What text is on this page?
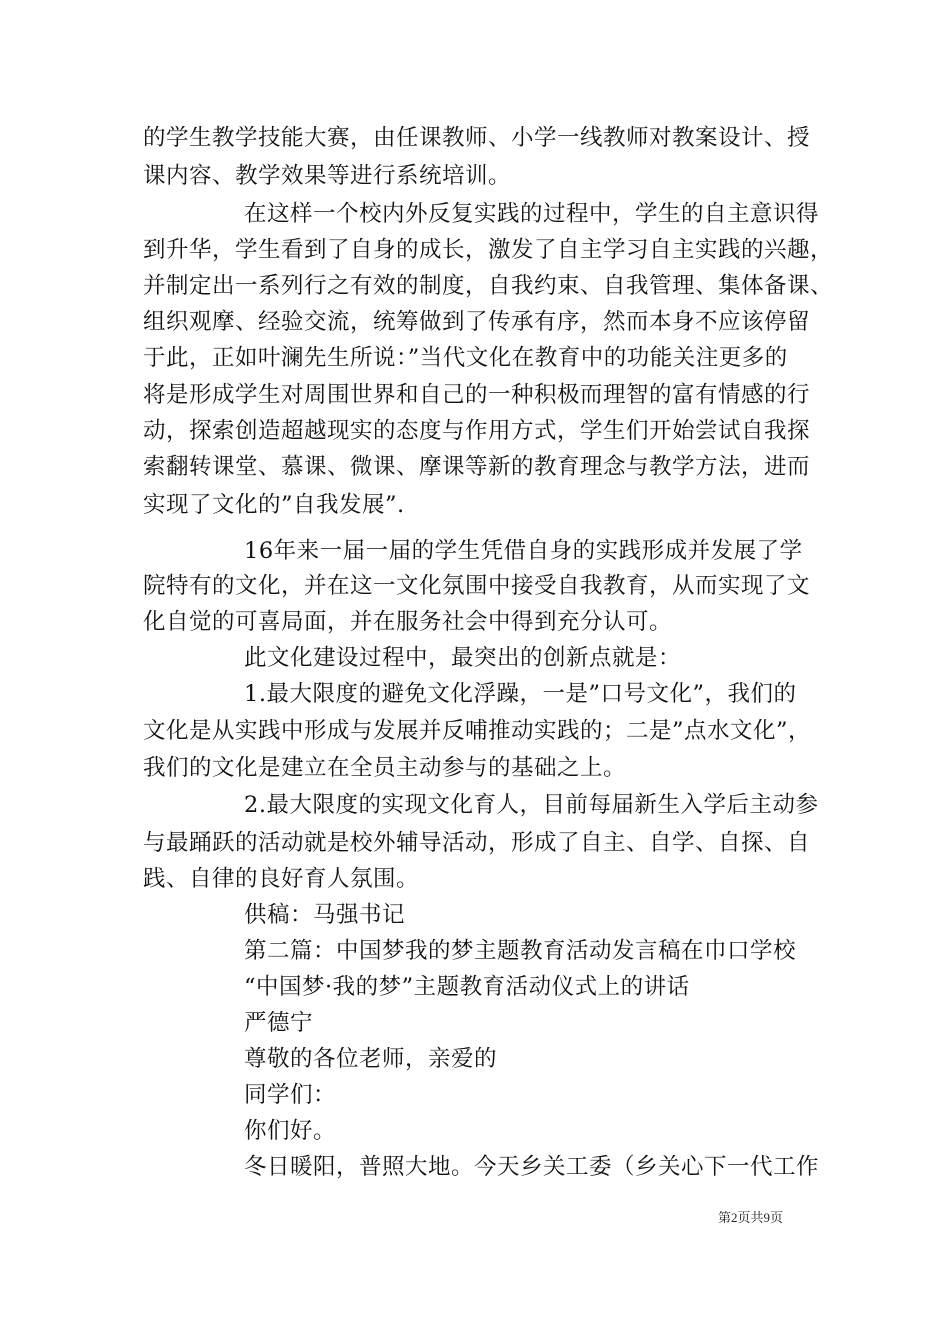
的学生教学技能大赛，由任课教师、小学一线教师对教案设计、授
课内容、教学效果等进行系统培训。
在这样一个校内外反复实践的过程中，学生的自主意识得
到升华，学生看到了自身的成长，激发了自主学习自主实践的兴趣，
并制定出一系列行之有效的制度，自我约束、自我管理、集体备课、
组织观摩、经验交流，统筹做到了传承有序，然而本身不应该停留
于此，正如叶澜先生所说：”当代文化在教育中的功能关注更多的
将是形成学生对周围世界和自己的一种积极而理智的富有情感的行
动，探索创造超越现实的态度与作用方式，学生们开始尝试自我探
索翻转课堂、慕课、微课、摩课等新的教育理念与教学方法，进而
实现了文化的”自我发展”.
16年来一届一届的学生凭借自身的实践形成并发展了学
院特有的文化，并在这一文化氛围中接受自我教育，从而实现了文
化自觉的可喜局面，并在服务社会中得到充分认可。
此文化建设过程中，最突出的创新点就是：
1.最大限度的避免文化浮躁，一是”口号文化”，我们的
文化是从实践中形成与发展并反哺推动实践的；二是”点水文化”，
我们的文化是建立在全员主动参与的基础之上。
2.最大限度的实现文化育人，目前每届新生入学后主动参
与最踊跃的活动就是校外辅导活动，形成了自主、自学、自探、自
践、自律的良好育人氛围。
供稿：马强书记
第二篇：中国梦我的梦主题教育活动发言稿在巾口学校
“中国梦·我的梦”主题教育活动仪式上的讲话
严德宁
尊敬的各位老师，亲爱的
同学们：
你们好。
冬日暖阳，普照大地。今天乡关工委（乡关心下一代工作
第2页共9页
